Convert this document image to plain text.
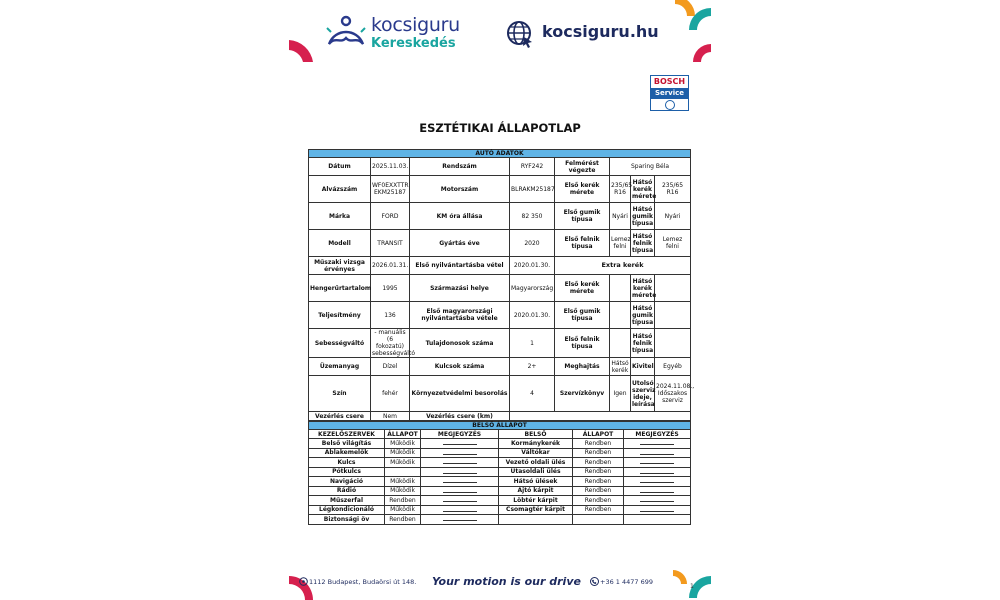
kocsiguru
Kereskedés
kocsiguru.hu
BOSCH
Service
ESZTÉTIKAI ÁLLAPOTLAP
AUTÓ ADATOK							
Dátum	2025.11.03.	Rendszám	RYF242	Felmérést végezte	Sparing Béla		
Alvázszám	WF0EXXTTR EKM25187	Motorszám	BLRAKM25187	Első kerék mérete	235/65 R16	Hátsó kerék mérete	235/65 R16
Márka	FORD	KM óra állása	82 350	Első gumik típusa	Nyári	Hátsó gumik típusa	Nyári
Modell	TRANSIT	Gyártás éve	2020	Első felnik típusa	Lemez felni	Hátsó felnik típusa	Lemez felni
Műszaki vizsga érvényes	2026.01.31.	Első nyilvántartásba vétel	2020.01.30.	Extra kerék			
Hengerűrtartalom	1995	Származási helye	Magyarország	Első kerék mérete		Hátsó kerék mérete	
Teljesítmény	136	Első magyarországi nyilvántartásba vétele	2020.01.30.	Első gumik típusa		Hátsó gumik típusa	
Sebességváltó	- manuális (6 fokozatú) sebességváltó	Tulajdonosok száma	1	Első felnik típusa		Hátsó felnik típusa	
Üzemanyag	Dízel	Kulcsok száma	2+	Meghajtás	Hátsó kerék	Kivitel	Egyéb
Szín	fehér	Környezetvédelmi besorolás	4	Szervízkönyv	Igen	Utolsó szerviz ideje, leírása	2024.11.08., Időszakos szerviz
Vezérlés csere	Nem	Vezérlés csere (km)					
BELSŐ ÁLLAPOT					
KEZELŐSZERVEK	ÁLLAPOT	MEGJEGYZÉS	BELSŐ	ÁLLAPOT	MEGJEGYZÉS
Belső világítás	Működik		Kormánykerék	Rendben	
Ablakemelők	Működik		Váltókar	Rendben	
Kulcs	Működik		Vezető oldali ülés	Rendben	
Pótkulcs			Utasoldali ülés	Rendben	
Navigáció	Működik		Hátsó ülések	Rendben	
Rádió	Működik		Ajtó kárpit	Rendben	
Műszerfal	Rendben		Löbtér kárpit	Rendben	
Légkondicionáló	Működik		Csomagtér kárpit	Rendben	
Biztonsági öv	Rendben				
1112 Budapest, Budaörsi út 148. Your motion is our drive	+36 1 4477 699
1
